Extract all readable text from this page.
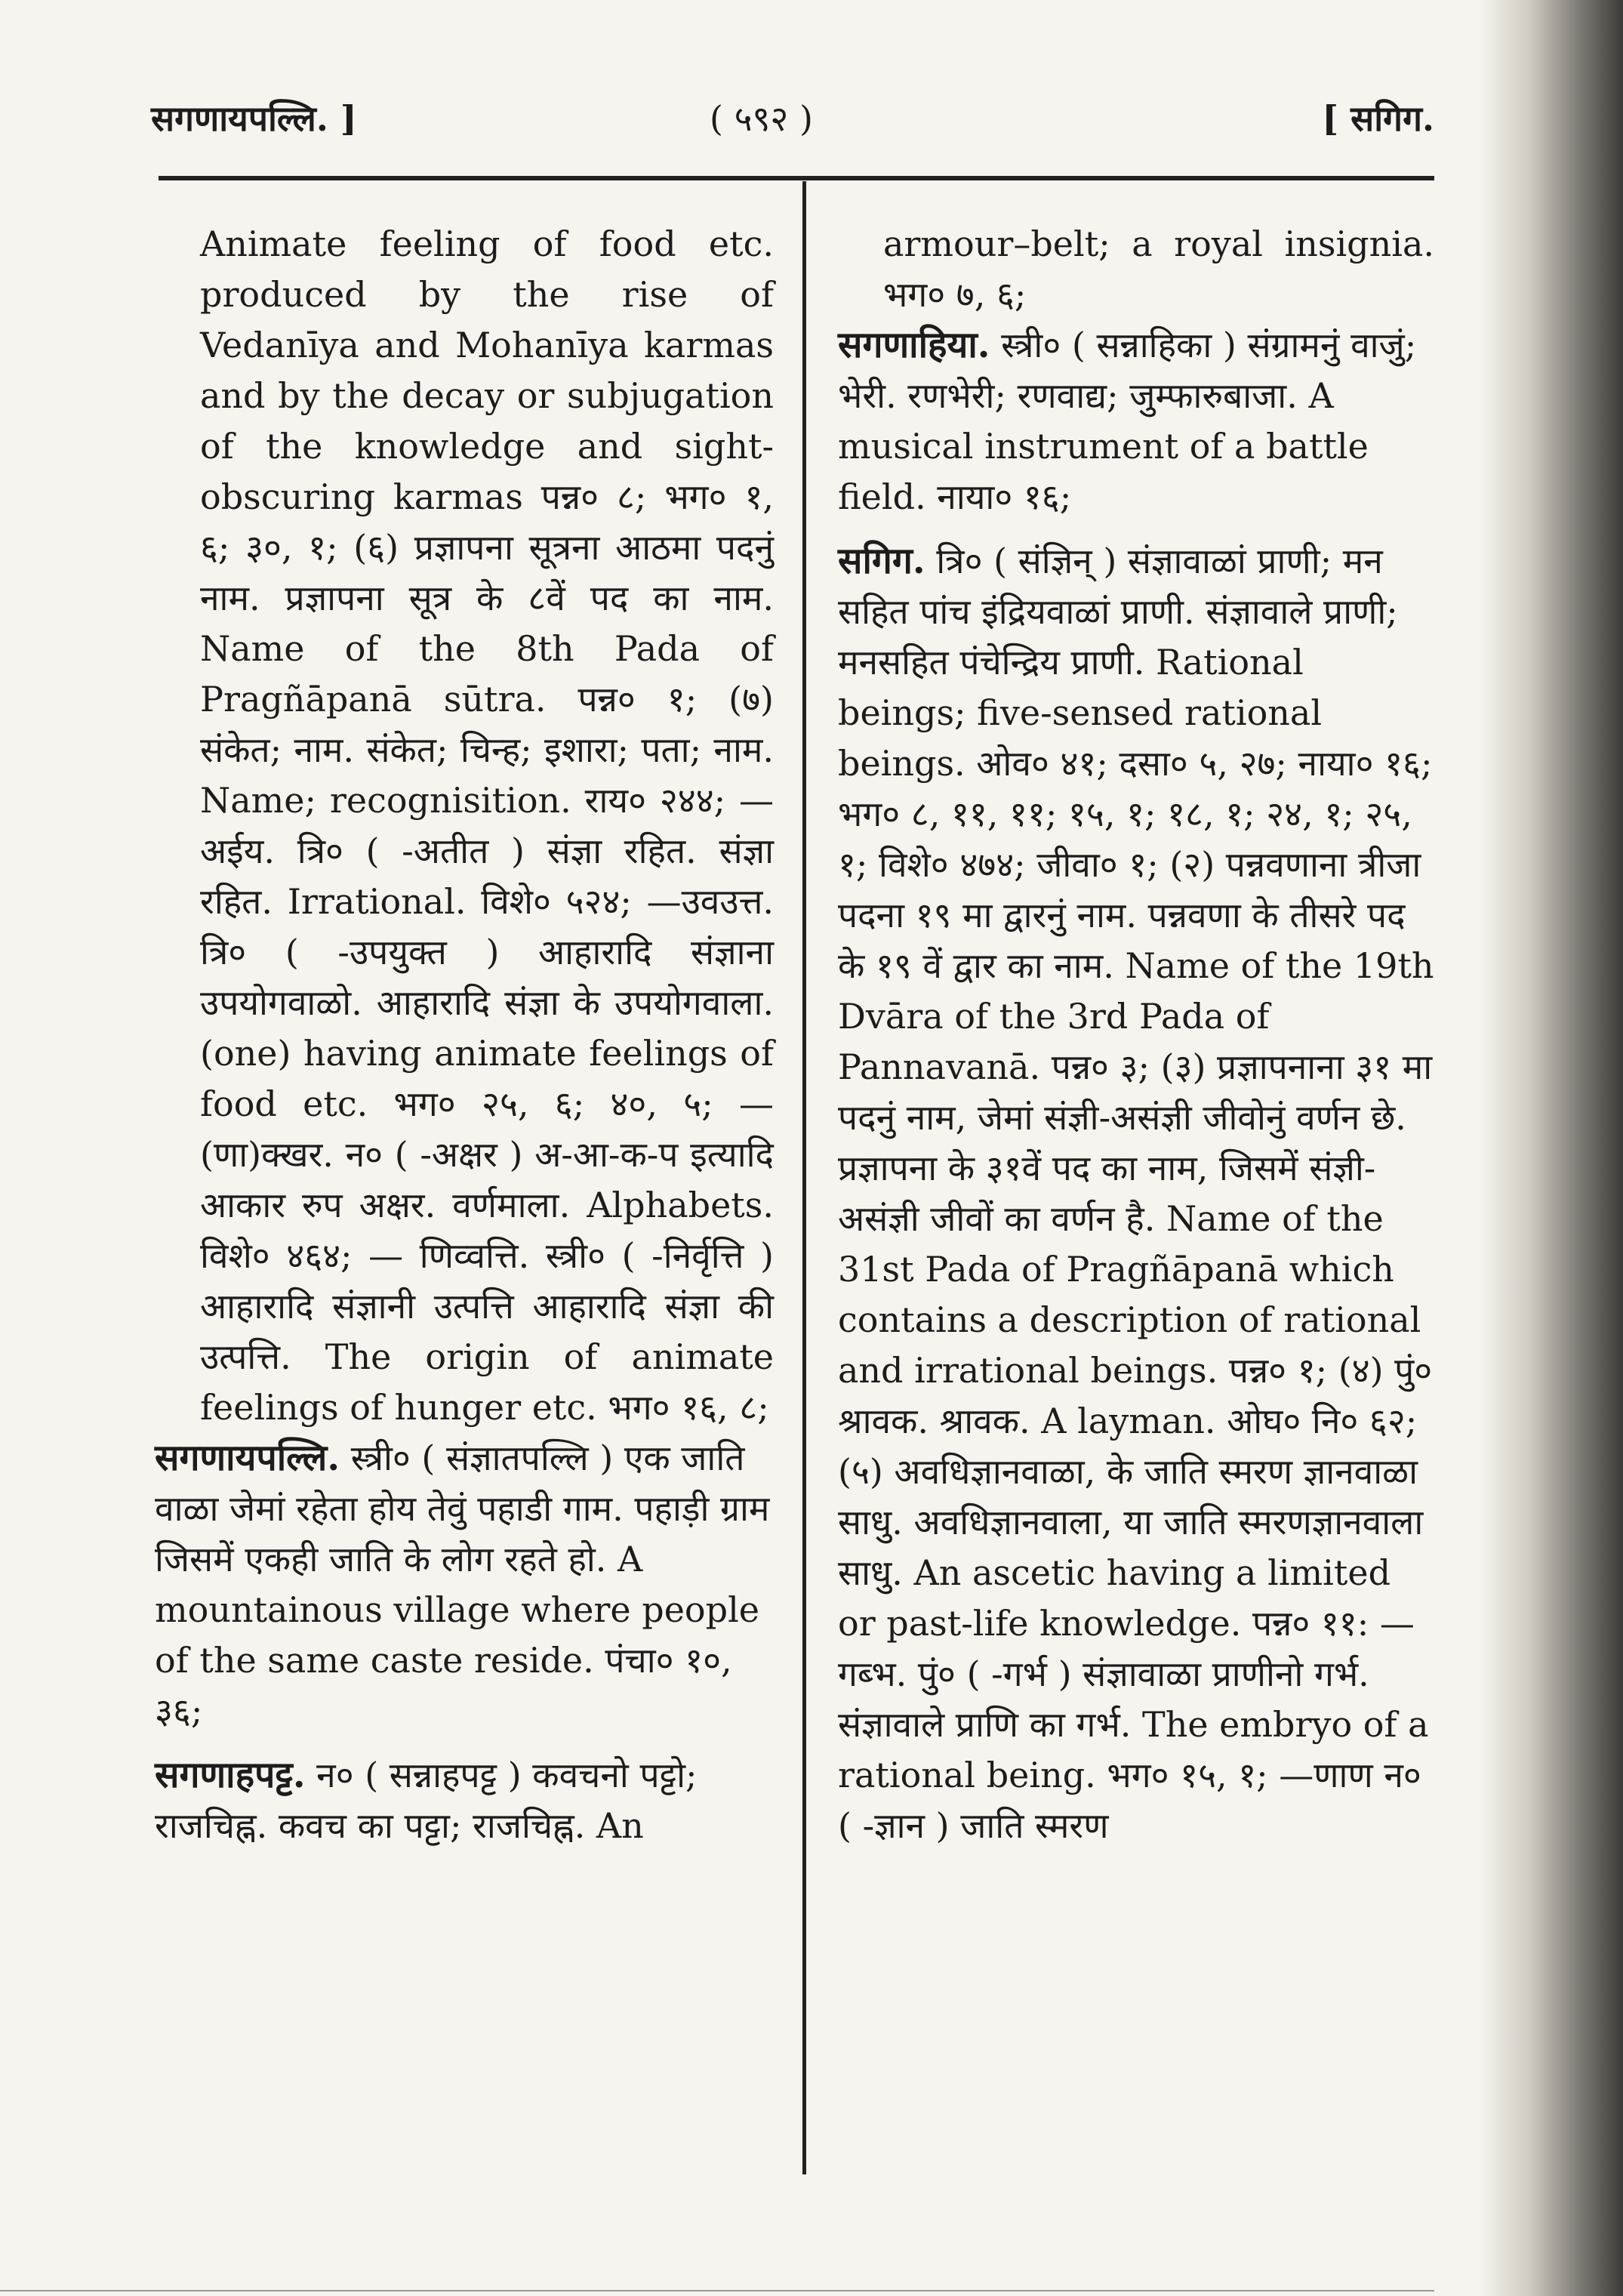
सगणायपल्लि. ]	( ५९२ )	[ सगिग.
Animate feeling of food etc. produced by the rise of Vedanīya and Mohanīya karmas and by the decay or subjugation of the knowledge and sight-obscuring karmas पन्न० ८; भग० १, ६; ३०, १; (६) प्रज्ञापना सूत्रना आठमा पदनुं नाम. प्रज्ञापना सूत्र के ८वें पद का नाम. Name of the 8th Pada of Pragñāpanā sūtra. पन्न० १; (७) संकेत; नाम. संकेत; चिन्ह; इशारा; पता; नाम. Name; recognisition. राय० २४४; —अईय. त्रि० ( -अतीत ) संज्ञा रहित. संज्ञा रहित. Irrational. विशे० ५२४; —उवउत्त. त्रि० ( -उपयुक्त ) आहारादि संज्ञाना उपयोगवाळो. आहारादि संज्ञा के उपयोगवाला. (one) having animate feelings of food etc. भग० २५, ६; ४०, ५; —(णा)क्खर. न० ( -अक्षर ) अ-आ-क-प इत्यादि आकार रुप अक्षर. वर्णमाला. Alphabets. विशे० ४६४; — णिव्वत्ति. स्त्री० ( -निर्वृत्ति ) आहारादि संज्ञानी उत्पत्ति आहारादि संज्ञा की उत्पत्ति. The origin of animate feelings of hunger etc. भग० १६, ८;
सगणायपल्लि. स्त्री० ( संज्ञातपल्लि ) एक जाति वाळा जेमां रहेता होय तेवुं पहाडी गाम. पहाड़ी ग्राम जिसमें एकही जाति के लोग रहते हो. A mountainous village where people of the same caste reside. पंचा० १०, ३६;
सगणाहपट्ट. न० ( सन्नाहपट्ट ) कवचनो पट्टो; राजचिह्न. कवच का पट्टा; राजचिह्न. An
armour–belt; a royal insignia. भग० ७, ६;
सगणाहिया. स्त्री० ( सन्नाहिका ) संग्रामनुं वाजुं; भेरी. रणभेरी; रणवाद्य; जुम्फारुबाजा. A musical instrument of a battle field. नाया० १६;
सगिग. त्रि० ( संज्ञिन् ) संज्ञावाळां प्राणी; मन सहित पांच इंद्रियवाळां प्राणी. संज्ञावाले प्राणी; मनसहित पंचेन्द्रिय प्राणी. Rational beings; five-sensed rational beings. ओव० ४१; दसा० ५, २७; नाया० १६; भग० ८, ११, ११; १५, १; १८, १; २४, १; २५, १; विशे० ४७४; जीवा० १; (२) पन्नवणाना त्रीजा पदना १९ मा द्वारनुं नाम. पन्नवणा के तीसरे पद के १९ वें द्वार का नाम. Name of the 19th Dvāra of the 3rd Pada of Pannavanā. पन्न० ३; (३) प्रज्ञापनाना ३१ मा पदनुं नाम, जेमां संज्ञी-असंज्ञी जीवोनुं वर्णन छे. प्रज्ञापना के ३१वें पद का नाम, जिसमें संज्ञी-असंज्ञी जीवों का वर्णन है. Name of the 31st Pada of Pragñāpanā which contains a description of rational and irrational beings. पन्न० १; (४) पुं० श्रावक. श्रावक. A layman. ओघ० नि० ६२; (५) अवधिज्ञानवाळा, के जाति स्मरण ज्ञानवाळा साधु. अवधिज्ञानवाला, या जाति स्मरणज्ञानवाला साधु. An ascetic having a limited or past-life knowledge. पन्न० ११: —गब्भ. पुं० ( -गर्भ ) संज्ञावाळा प्राणीनो गर्भ. संज्ञावाले प्राणि का गर्भ. The embryo of a rational being. भग० १५, १; —णाण न० ( -ज्ञान ) जाति स्मरण
